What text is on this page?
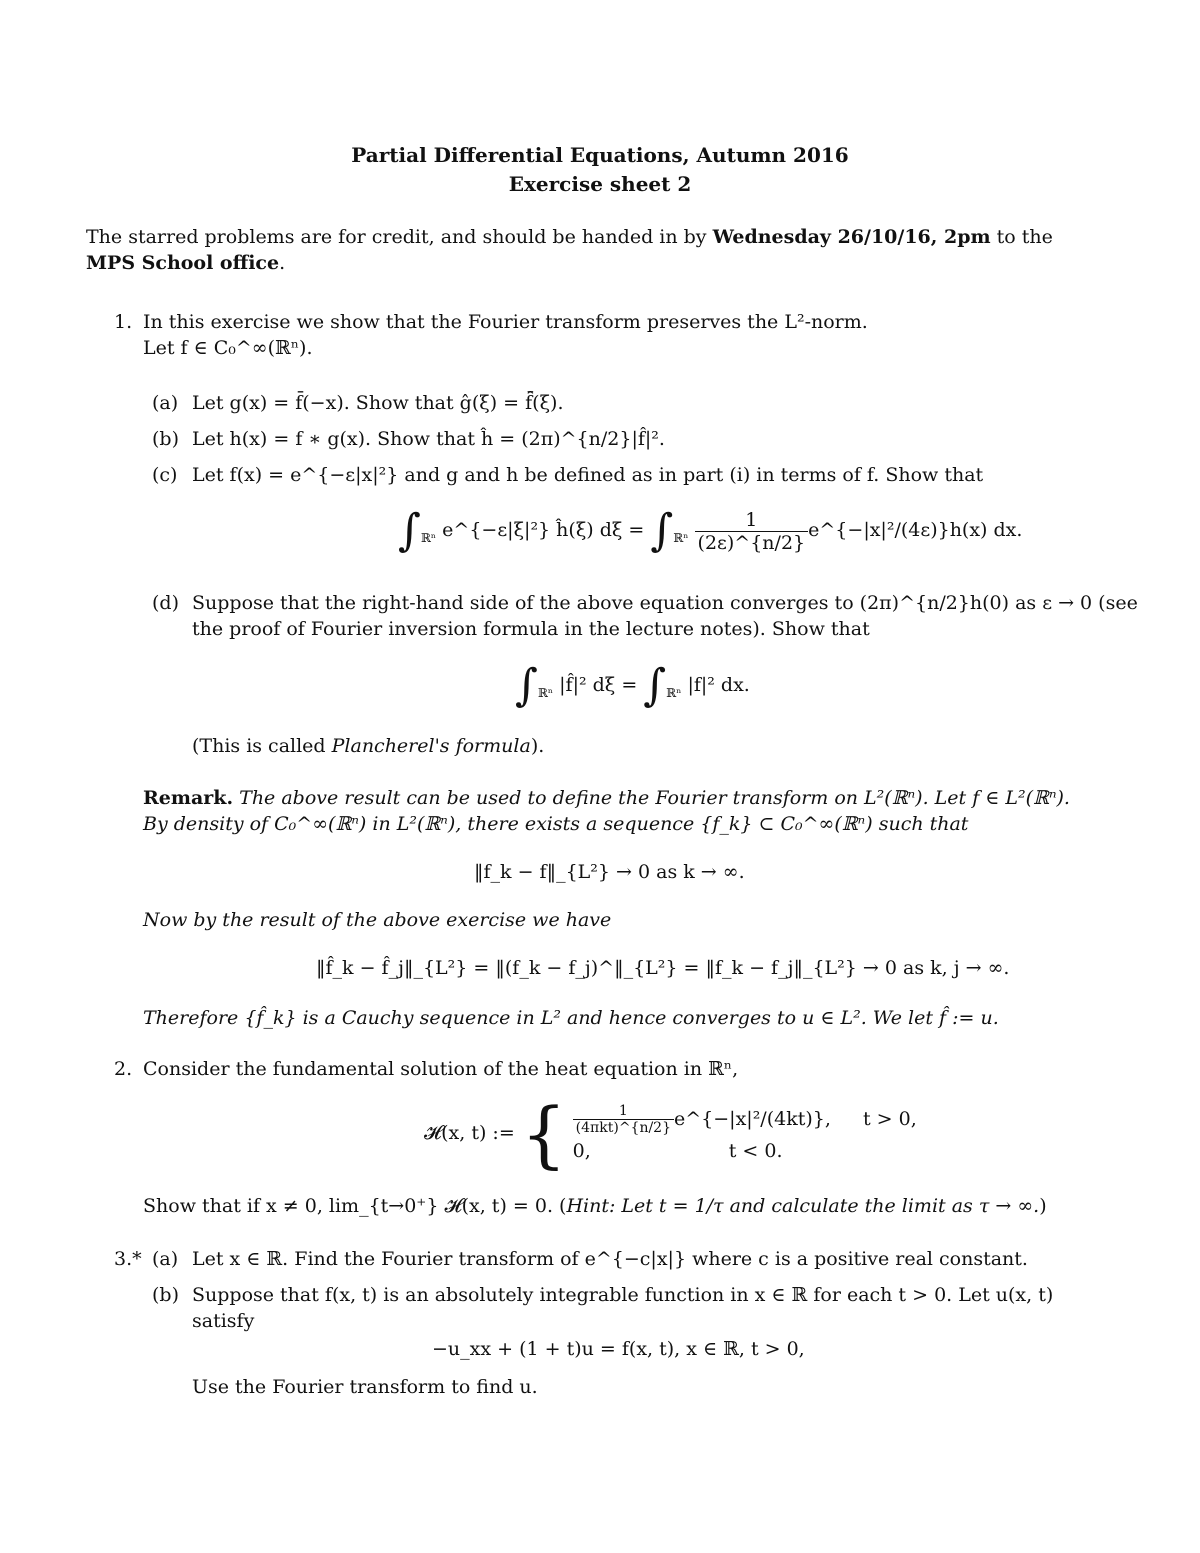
Partial Differential Equations, Autumn 2016
Exercise sheet 2
The starred problems are for credit, and should be handed in by Wednesday 26/10/16, 2pm to the
MPS School office.
1. In this exercise we show that the Fourier transform preserves the L²-norm.
Let f ∈ C₀^∞(ℝⁿ).
(a) Let g(x) = f̄(−x). Show that ĝ(ξ) = f̂̄(ξ).
(b) Let h(x) = f ∗ g(x). Show that ĥ = (2π)^{n/2}|f̂|².
(c) Let f(x) = e^{−ε|x|²} and g and h be defined as in part (i) in terms of f. Show that
$\int_{ℝ^n}$ e^{−ε|ξ|²} ĥ(ξ) $d\xi = \int_{ℝ^n} \frac{1}{(2\varepsilon)\^{}\{n/2\}}$ e^{−|x|²/(4ε)}h(x) dx.
(d) Suppose that the right-hand side of the above equation converges to (2π)^{n/2}h(0) as ε → 0 (see
the proof of Fourier inversion formula in the lecture notes). Show that
$\int_{ℝ^n}$ |f̂|² $d\xi = \int_{ℝ^n}$ |f|² dx.
(This is called Plancherel's formula).
Remark. The above result can be used to define the Fourier transform on L²(ℝⁿ). Let f ∈ L²(ℝⁿ).
By density of C₀^∞(ℝⁿ) in L²(ℝⁿ), there exists a sequence {f_k} ⊂ C₀^∞(ℝⁿ) such that
‖f_k − f‖_{L²} → 0 as k → ∞.
Now by the result of the above exercise we have
‖f̂_k − f̂_j‖_{L²} = ‖(f_k − f_j)^‖_{L²} = ‖f_k − f_j‖_{L²} → 0 as k, j → ∞.
Therefore {f̂_k} is a Cauchy sequence in L² and hence converges to u ∈ L². We let f̂ := u.
2. Consider the fundamental solution of the heat equation in ℝⁿ,
𝓗(x, t) := { $\frac{1}{\text{(4πkt)\textasciicircum{}\{n/2\}}}$ e^{−|x|²/(4kt)}, t > 0,
0,	t < 0.
Show that if x ≠ 0, lim_{t→0⁺} 𝓗(x, t) = 0. (Hint: Let t = 1/τ and calculate the limit as τ → ∞.)
3.* (a) Let x ∈ ℝ. Find the Fourier transform of e^{−c|x|} where c is a positive real constant.
(b) Suppose that f(x, t) is an absolutely integrable function in x ∈ ℝ for each t > 0. Let u(x, t)
satisfy
−u_xx + (1 + t)u = f(x, t), x ∈ ℝ, t > 0,
Use the Fourier transform to find u.
